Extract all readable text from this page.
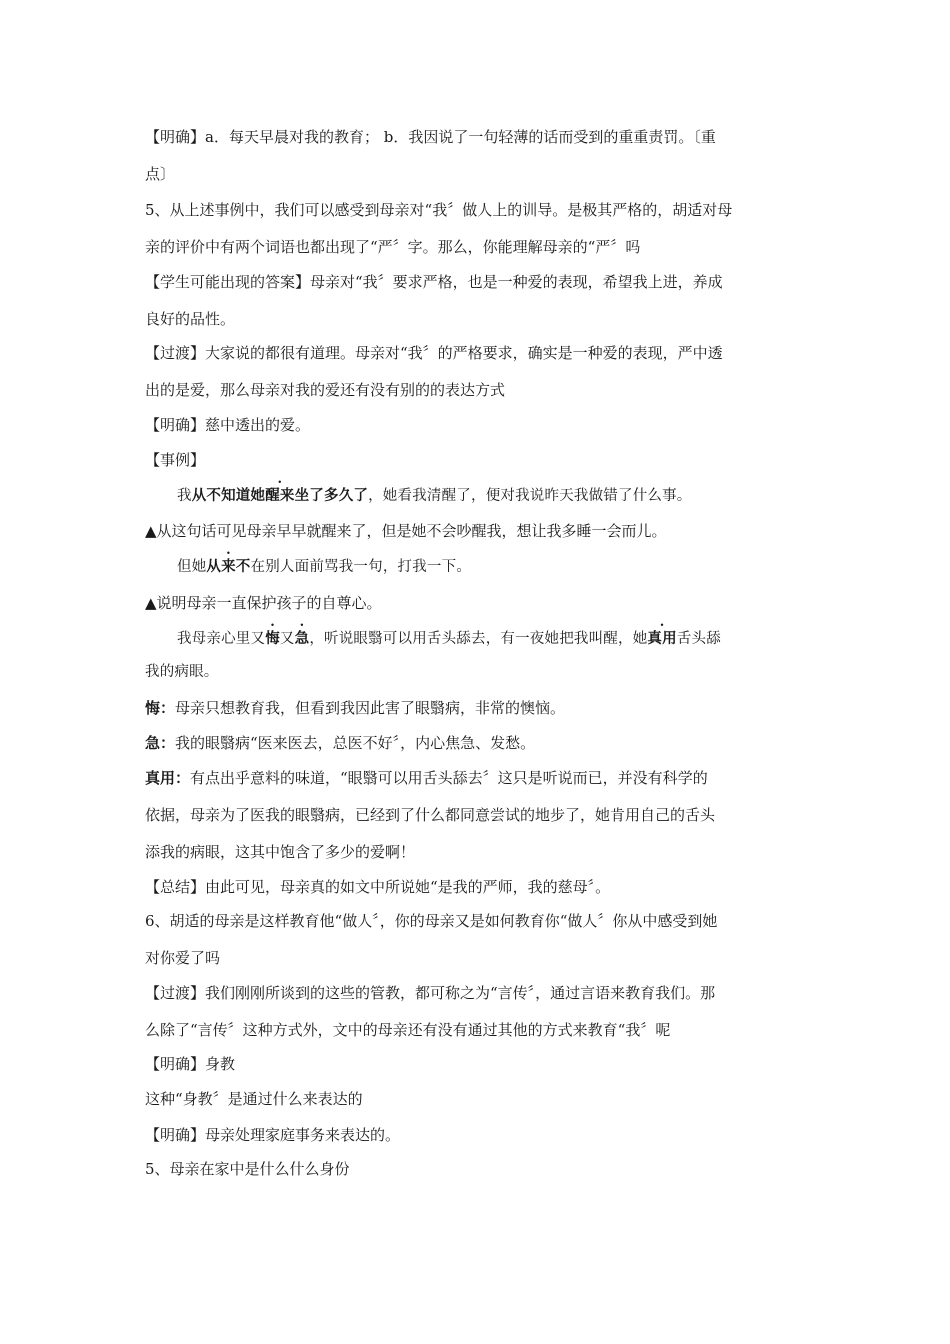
【明确】a．每天早晨对我的教育； b．我因说了一句轻薄的话而受到的重重责罚。〔重
点〕
5、从上述事例中，我们可以感受到母亲对“我〞做人上的训导。是极其严格的，胡适对母
亲的评价中有两个词语也都出现了“严〞字。那么，你能理解母亲的“严〞吗
【学生可能出现的答案】母亲对“我〞要求严格，也是一种爱的表现，希望我上进，养成
良好的品性。
【过渡】大家说的都很有道理。母亲对“我〞的严格要求，确实是一种爱的表现，严中透
出的是爱，那么母亲对我的爱还有没有别的的表达方式
【明确】慈中透出的爱。
【事例】
我. 从不知道她醒来坐了多久了，她看我清醒了，便对我说昨天我做错了什么事。
▲从这句话可见母亲早早就醒来了，但是她不会吵醒我，想让我多睡一会而儿。
但她从来不在别人面前骂我一句，打我一下。
▲说明母亲一直保护孩子的自尊心。
我母亲心里又悔又急，听说眼翳可以用舌头舔去，有一夜她把我叫醒，她真用舌头舔
我的病眼。
悔：母亲只想教育我，但看到我因此害了眼翳病，非常的懊恼。
急：我的眼翳病“医来医去，总医不好〞，内心焦急、发愁。
真用：有点出乎意料的味道，“眼翳可以用舌头舔去〞这只是听说而已，并没有科学的
依据，母亲为了医我的眼翳病，已经到了什么都同意尝试的地步了，她肯用自己的舌头
添我的病眼，这其中饱含了多少的爱啊！
【总结】由此可见，母亲真的如文中所说她“是我的严师，我的慈母〞。
6、胡适的母亲是这样教育他“做人〞，你的母亲又是如何教育你“做人〞你从中感受到她
对你爱了吗
【过渡】我们刚刚所谈到的这些的管教，都可称之为“言传〞，通过言语来教育我们。那
么除了“言传〞这种方式外，文中的母亲还有没有通过其他的方式来教育“我〞呢
【明确】身教
这种“身教〞是通过什么来表达的
【明确】母亲处理家庭事务来表达的。
5、母亲在家中是什么什么身份
